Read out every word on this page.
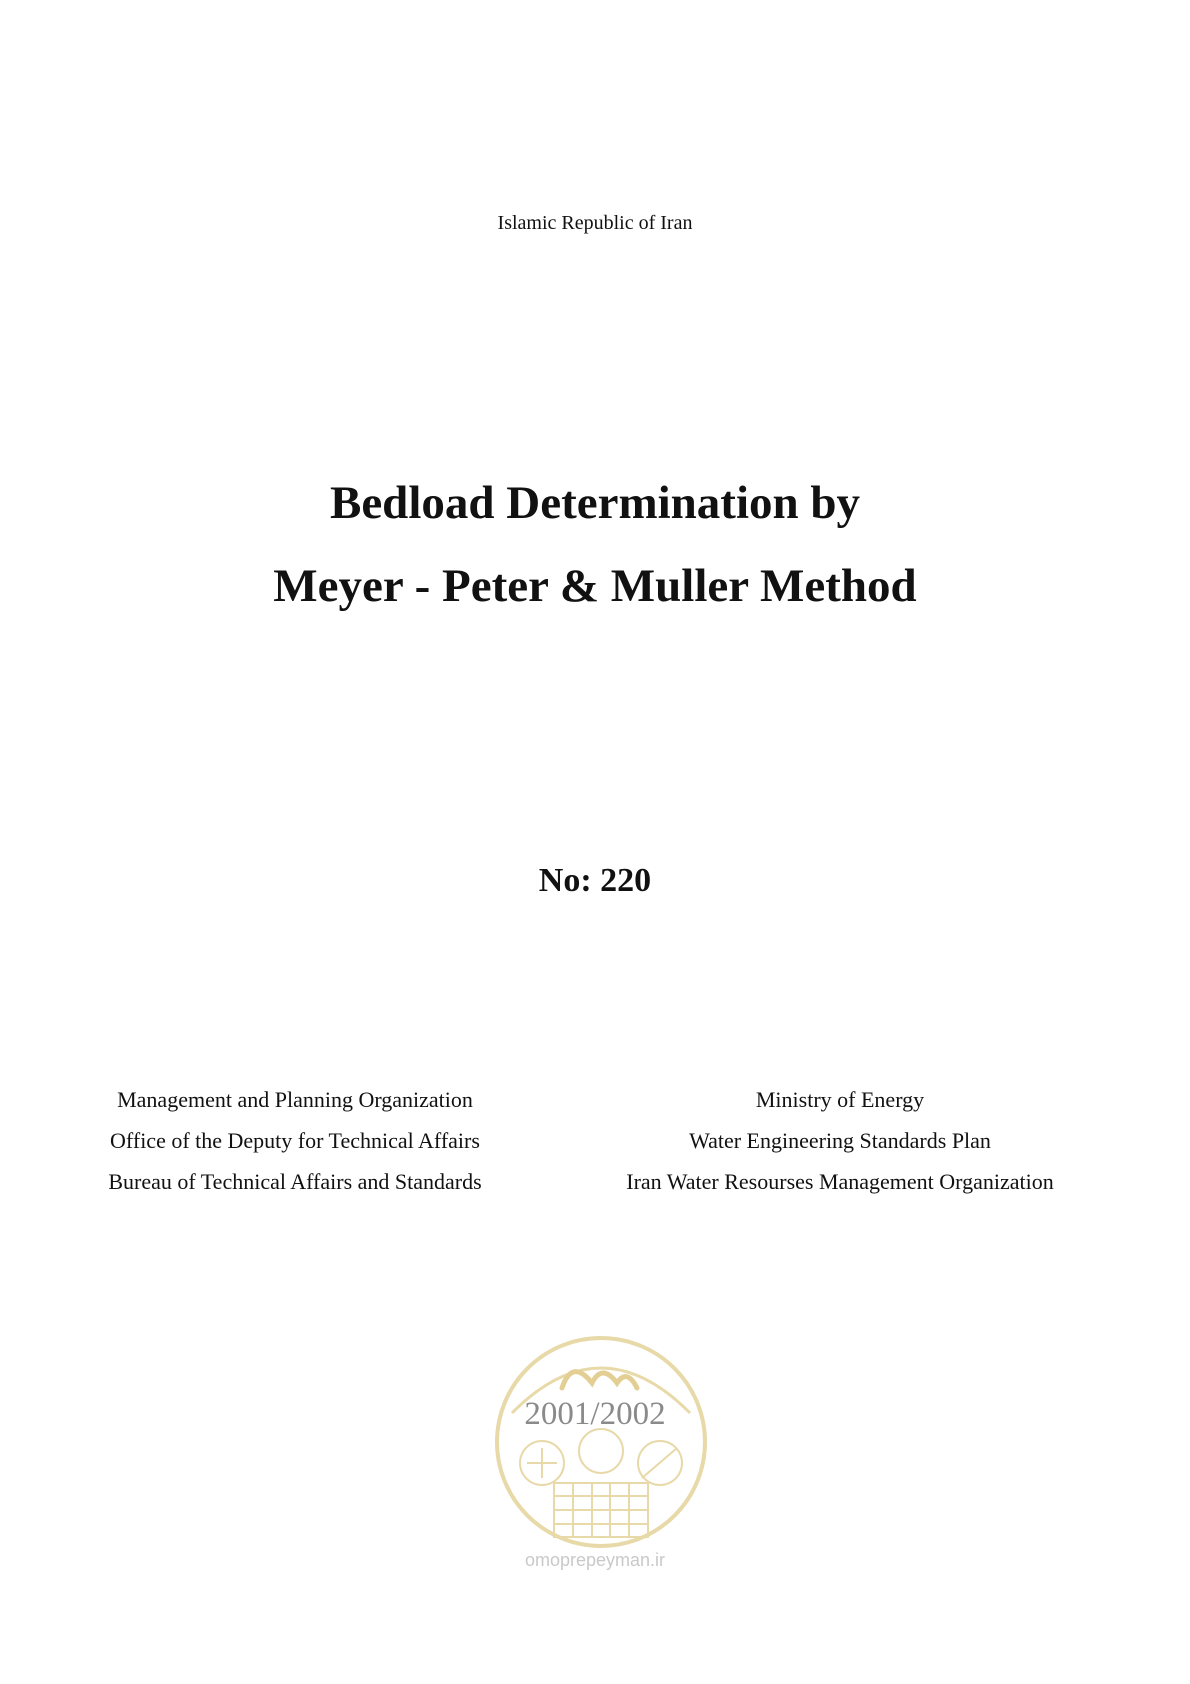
Islamic Republic of Iran
Bedload Determination by
Meyer - Peter & Muller Method
No: 220
Management and Planning Organization
Office of the Deputy for Technical Affairs
Bureau of Technical Affairs and Standards
Ministry of Energy
Water Engineering Standards Plan
Iran Water Resourses Management Organization
2001/2002
omoprepeyman.ir
